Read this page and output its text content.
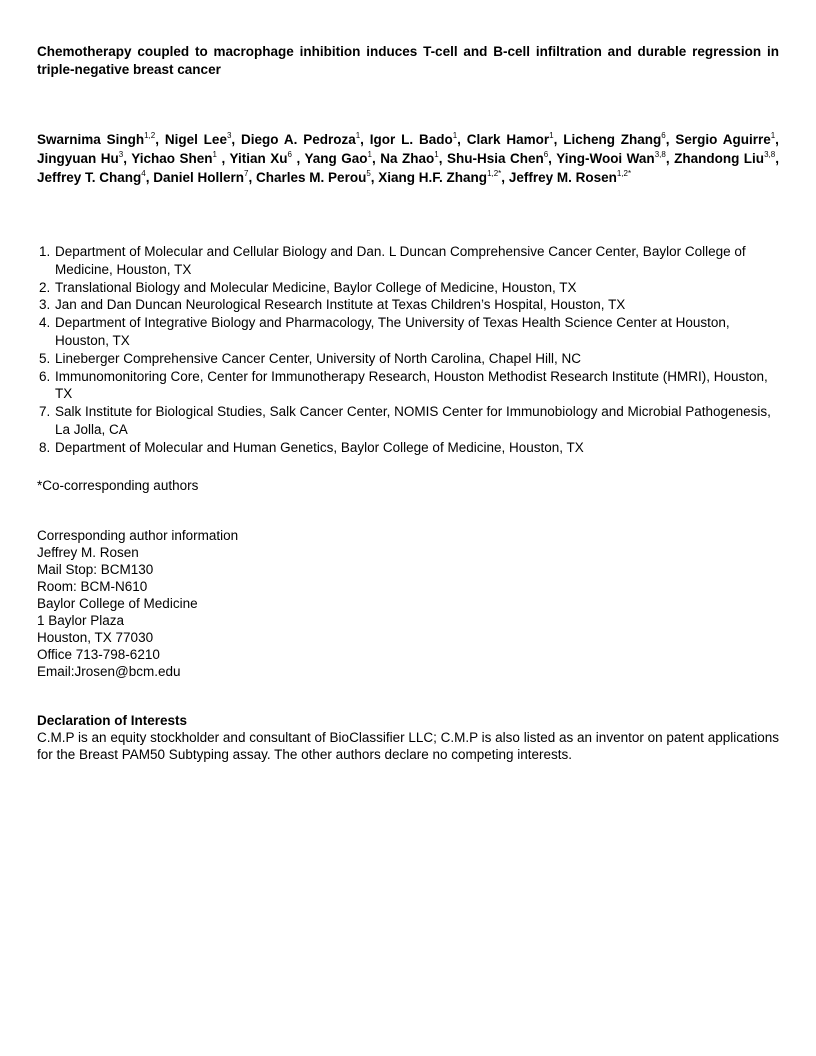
Chemotherapy coupled to macrophage inhibition induces T-cell and B-cell infiltration and durable regression in triple-negative breast cancer
Swarnima Singh$^{1,2}$, Nigel Lee$^3$, Diego A. Pedroza$^1$, Igor L. Bado$^1$, Clark Hamor$^1$, Licheng Zhang$^6$, Sergio Aguirre$^1$, Jingyuan Hu$^3$, Yichao Shen$^1$ , Yitian Xu$^6$ , Yang Gao$^1$, Na Zhao$^1$, Shu-Hsia Chen$^6$, Ying-Wooi Wan$^{3,8}$, Zhandong Liu$^{3,8}$, Jeffrey T. Chang$^4$, Daniel Hollern$^7$, Charles M. Perou$^5$, Xiang H.F. Zhang$^{1,2*}$, Jeffrey M. Rosen$^{1,2*}$
1. Department of Molecular and Cellular Biology and Dan. L Duncan Comprehensive Cancer Center, Baylor College of Medicine, Houston, TX
2. Translational Biology and Molecular Medicine, Baylor College of Medicine, Houston, TX
3. Jan and Dan Duncan Neurological Research Institute at Texas Children’s Hospital, Houston, TX
4. Department of Integrative Biology and Pharmacology, The University of Texas Health Science Center at Houston, Houston, TX
5. Lineberger Comprehensive Cancer Center, University of North Carolina, Chapel Hill, NC
6. Immunomonitoring Core, Center for Immunotherapy Research, Houston Methodist Research Institute (HMRI), Houston, TX
7. Salk Institute for Biological Studies, Salk Cancer Center, NOMIS Center for Immunobiology and Microbial Pathogenesis, La Jolla, CA
8. Department of Molecular and Human Genetics, Baylor College of Medicine, Houston, TX
*Co-corresponding authors
Corresponding author information
Jeffrey M. Rosen
Mail Stop: BCM130
Room: BCM-N610
Baylor College of Medicine
1 Baylor Plaza
Houston, TX 77030
Office 713-798-6210
Email:Jrosen@bcm.edu
Declaration of Interests
C.M.P is an equity stockholder and consultant of BioClassifier LLC; C.M.P is also listed as an inventor on patent applications for the Breast PAM50 Subtyping assay. The other authors declare no competing interests.
